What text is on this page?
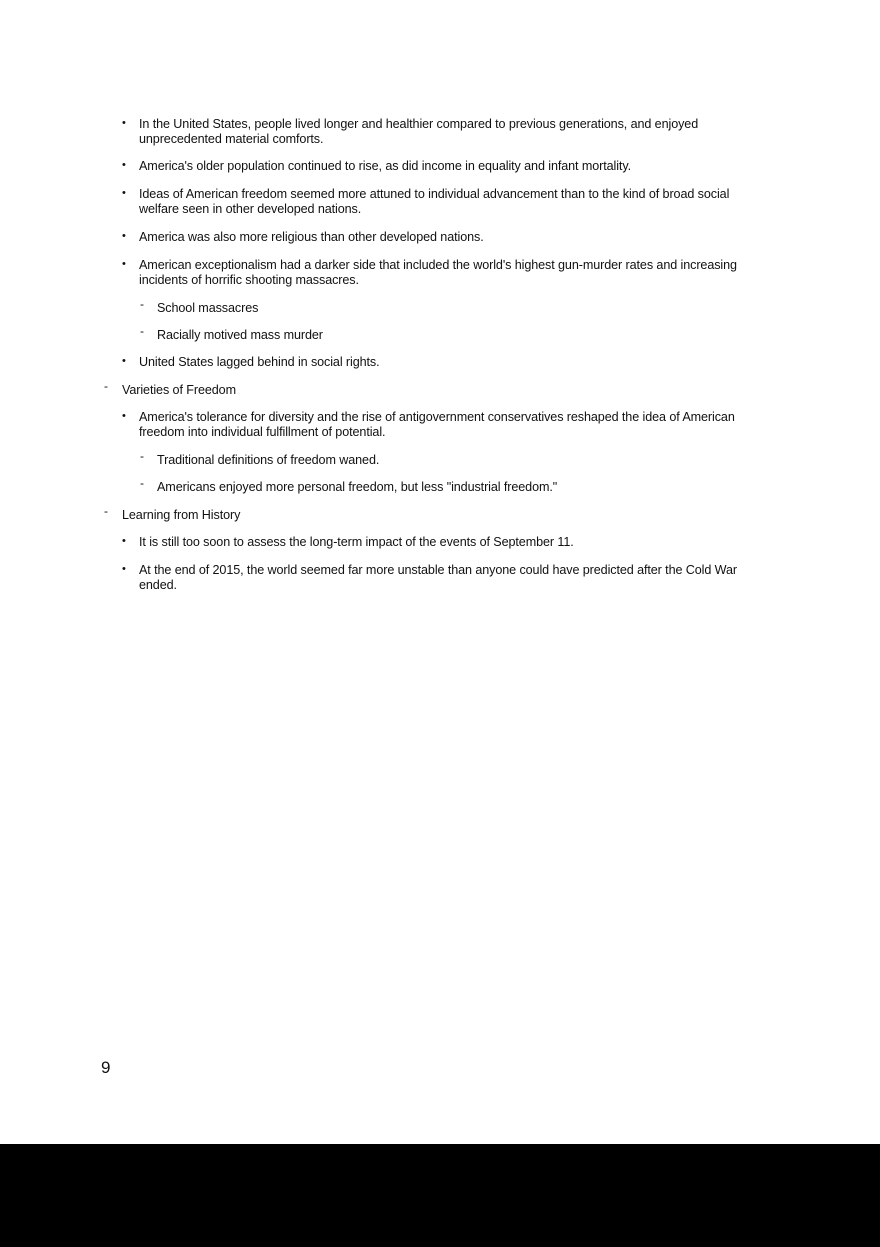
•	In the United States, people lived longer and healthier compared to previous generations, and enjoyed unprecedented material comforts.
•	America's older population continued to rise, as did income in equality and infant mortality.
•	Ideas of American freedom seemed more attuned to individual advancement than to the kind of broad social welfare seen in other developed nations.
•	America was also more religious than other developed nations.
•	American exceptionalism had a darker side that included the world's highest gun-murder rates and increasing incidents of horrific shooting massacres.
-	School massacres
-	Racially motived mass murder
•	United States lagged behind in social rights.
-	Varieties of Freedom
•	America's tolerance for diversity and the rise of antigovernment conservatives reshaped the idea of American freedom into individual fulfillment of potential.
-	Traditional definitions of freedom waned.
-	Americans enjoyed more personal freedom, but less "industrial freedom."
-	Learning from History
•	It is still too soon to assess the long-term impact of the events of September 11.
•	At the end of 2015, the world seemed far more unstable than anyone could have predicted after the Cold War ended.
9
